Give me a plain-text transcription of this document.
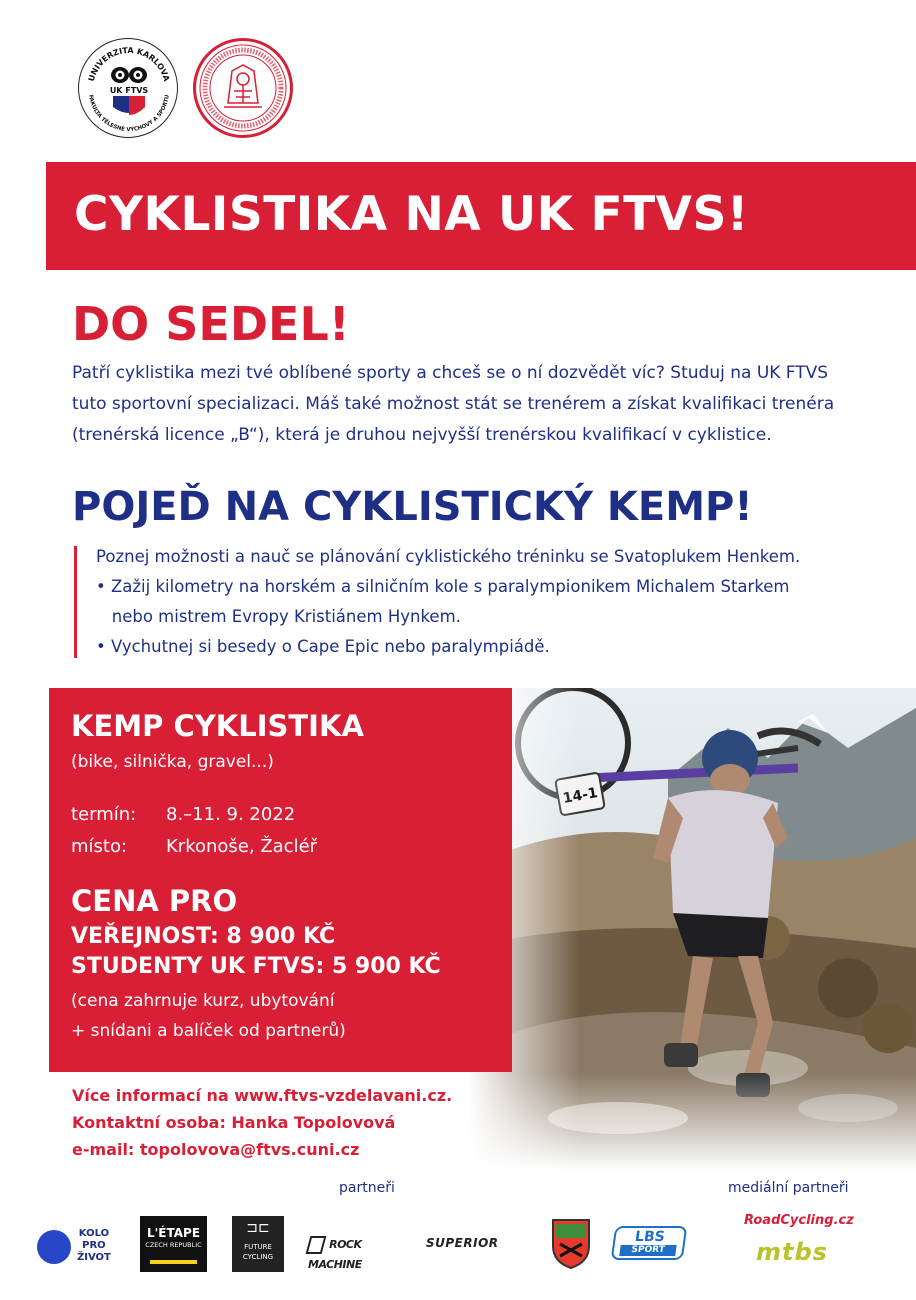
UNIVERZITA KARLOVA
FAKULTA TĚLESNÉ VÝCHOVY A SPORTU
UK FTVS
CYKLISTIKA NA UK FTVS!
DO SEDEL!
Patří cyklistika mezi tvé oblíbené sporty a chceš se o ní dozvědět víc? Studuj na UK FTVS
tuto sportovní specializaci. Máš také možnost stát se trenérem a získat kvalifikaci trenéra
(trenérská licence „B“), která je druhou nejvyšší trenérskou kvalifikací v cyklistice.
POJEĎ NA CYKLISTICKÝ KEMP!
Poznej možnosti a nauč se plánování cyklistického tréninku se Svatoplukem Henkem.
• Zažij kilometry na horském a silničním kole s paralympionikem Michalem Starkem
nebo mistrem Evropy Kristiánem Hynkem.
• Vychutnej si besedy o Cape Epic nebo paralympiádě.
KEMP CYKLISTIKA
(bike, silnička, gravel...)
termín: 8.–11. 9. 2022
místo: Krkonoše, Žacléř
CENA PRO
VEŘEJNOST: 8 900 KČ
STUDENTY UK FTVS: 5 900 KČ
(cena zahrnuje kurz, ubytování
+ snídani a balíček od partnerů)
Více informací na www.ftvs-vzdelavani.cz.
Kontaktní osoba: Hanka Topolovová
e-mail: topolovova@ftvs.cuni.cz
partneři	mediální partneři
KOLO
PRO
ŽIVOT
L'ÉTAPE
CZECH REPUBLIC
⊐⊏
FUTURE
CYCLING
ROCK MACHINE
SUPERIOR	LBS
SPORT
RoadCycling.cz
mtbs
